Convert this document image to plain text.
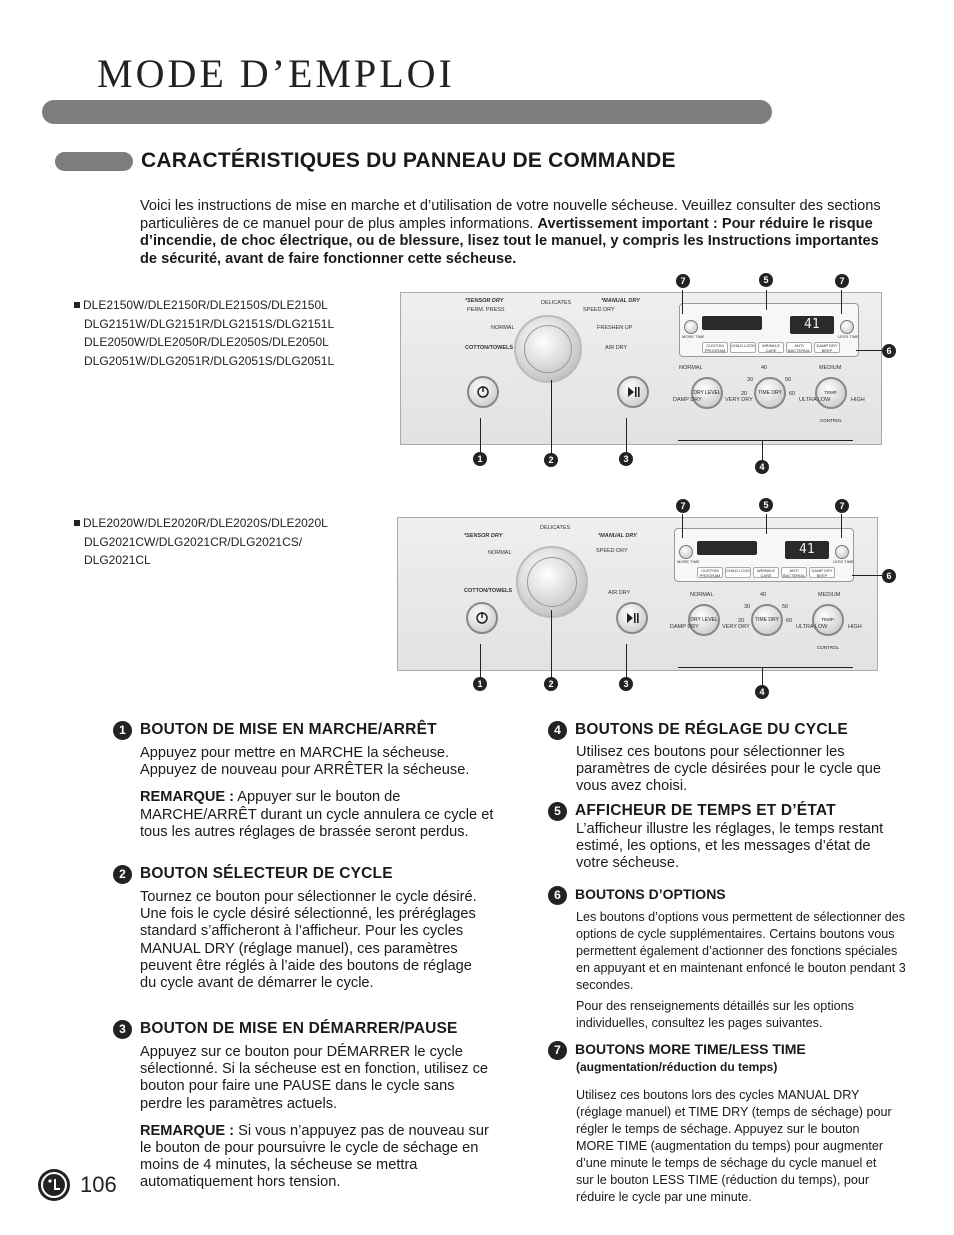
MODE D’EMPLOI
CARACTÉRISTIQUES DU PANNEAU DE COMMANDE
Voici les instructions de mise en marche et d’utilisation de votre nouvelle sécheuse. Veuillez consulter des sections particulières de ce manuel pour de plus amples informations. Avertissement important : Pour réduire le risque d’incendie, de choc électrique, ou de blessure, lisez tout le manuel, y compris les Instructions importantes de sécurité, avant de faire fonctionner cette sécheuse.
DLE2150W/DLE2150R/DLE2150S/DLE2150L
DLG2151W/DLG2151R/DLG2151S/DLG2151L
DLE2050W/DLE2050R/DLE2050S/DLE2050L
DLG2051W/DLG2051R/DLG2051S/DLG2051L
DLE2020W/DLE2020R/DLE2020S/DLE2020L
DLG2021CW/DLG2021CR/DLG2021CS/
DLG2021CL
*SENSOR DRY	*MANUAL DRY
PERM. PRESS
DELICATES
SPEED DRY
NORMAL	FRESHEN UP
COTTON/TOWELS	AIR DRY
MORE TIME
41
LESS TIME
CUSTOM PROGRAM
CHILD LOCK	WRINKLE CARE
ANTI BACTERIAL
DAMP DRY BEEP
NORMAL
DRY LEVEL
DAMP DRY	VERY DRY
30
40
50
20	60
TIME DRY
MEDIUM
TEMP. CONTROL
ULTRA LOW	HIGH
7	5	7
6
1	2	3
4
*SENSOR DRY	*MANUAL DRY
DELICATES
NORMAL	SPEED DRY
COTTON/TOWELS	AIR DRY
MORE TIME
41
LESS TIME
CUSTOM PROGRAM
CHILD LOCK	WRINKLE CARE
ANTI BACTERIAL
DAMP DRY BEEP
NORMAL
DRY LEVEL
DAMP DRY	VERY DRY
30
40
50
20	60
TIME DRY
MEDIUM
TEMP. CONTROL
ULTRA LOW	HIGH
7	5	7
6
1	2	3
4
1 BOUTON DE MISE EN MARCHE/ARRÊT

Appuyez pour mettre en MARCHE la sécheuse. Appuyez de nouveau pour ARRÊTER la sécheuse.

REMARQUE : Appuyer sur le bouton de MARCHE/ARRÊT durant un cycle annulera ce cycle et tous les autres réglages de brassée seront perdus.

2 BOUTON SÉLECTEUR DE CYCLE

Tournez ce bouton pour sélectionner le cycle désiré. Une fois le cycle désiré sélectionné, les préréglages standard s’afficheront à l’afficheur. Pour les cycles MANUAL DRY (réglage manuel), ces paramètres peuvent être réglés à l’aide des boutons de réglage du cycle avant de démarrer le cycle.

3 BOUTON DE MISE EN DÉMARRER/PAUSE

Appuyez sur ce bouton pour DÉMARRER le cycle sélectionné. Si la sécheuse est en fonction, utilisez ce bouton pour faire une PAUSE dans le cycle sans perdre les paramètres actuels.

REMARQUE : Si vous n’appuyez pas de nouveau sur le bouton de pour poursuivre le cycle de séchage en moins de 4 minutes, la sécheuse se mettra automatiquement hors tension.

4 BOUTONS DE RÉGLAGE DU CYCLE

Utilisez ces boutons pour sélectionner les paramètres de cycle désirées pour le cycle que vous avez choisi.

5 AFFICHEUR DE TEMPS ET D’ÉTAT

L’afficheur illustre les réglages, le temps restant estimé, les options, et les messages d’état de votre sécheuse.

6 BOUTONS D’OPTIONS

Les boutons d’options vous permettent de sélectionner des options de cycle supplémentaires. Certains boutons vous permettent également d’actionner des fonctions spéciales en appuyant et en maintenant enfoncé le bouton pendant 3 secondes.

Pour des renseignements détaillés sur les options individuelles, consultez les pages suivantes.

7 BOUTONS MORE TIME/LESS TIME
(augmentation/réduction du temps)

Utilisez ces boutons lors des cycles MANUAL DRY (réglage manuel) et TIME DRY (temps de séchage) pour régler le temps de séchage. Appuyez sur le bouton MORE TIME (augmentation du temps) pour augmenter d’une minute le temps de séchage du cycle manuel et sur le bouton LESS TIME (réduction du temps), pour réduire le cycle par une minute.

106
